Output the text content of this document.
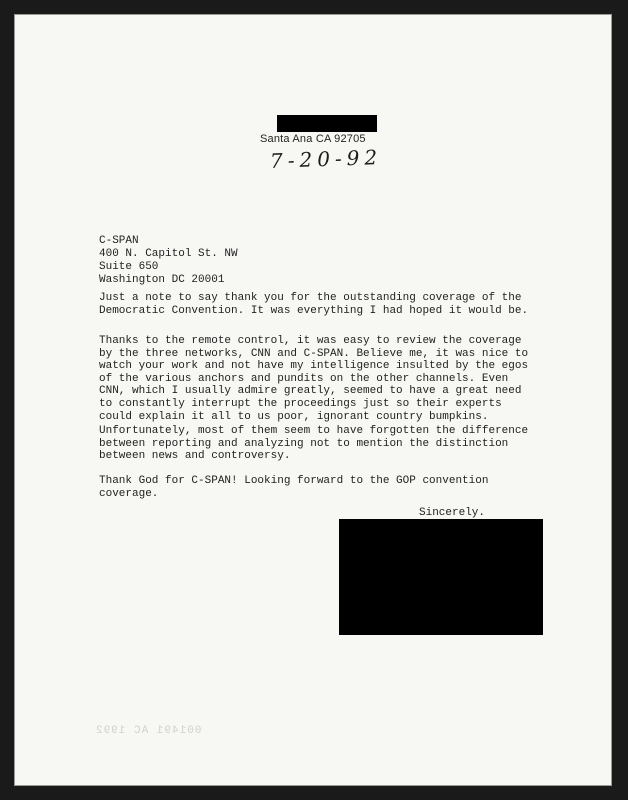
Santa Ana CA 92705
7-20-92
C-SPAN
400 N. Capitol St. NW
Suite 650
Washington DC 20001
Just a note to say thank you for the outstanding coverage of the
Democratic Convention. It was everything I had hoped it would be.
Thanks to the remote control, it was easy to review the coverage
by the three networks, CNN and C-SPAN. Believe me, it was nice to
watch your work and not have my intelligence insulted by the egos
of the various anchors and pundits on the other channels. Even
CNN, which I usually admire greatly, seemed to have a great need
to constantly interrupt the proceedings just so their experts
could explain it all to us poor, ignorant country bumpkins.
Unfortunately, most of them seem to have forgotten the difference
between reporting and analyzing not to mention the distinction
between news and controversy.
Thank God for C-SPAN! Looking forward to the GOP convention
coverage.
Sincerely.
001491 AC 1992
